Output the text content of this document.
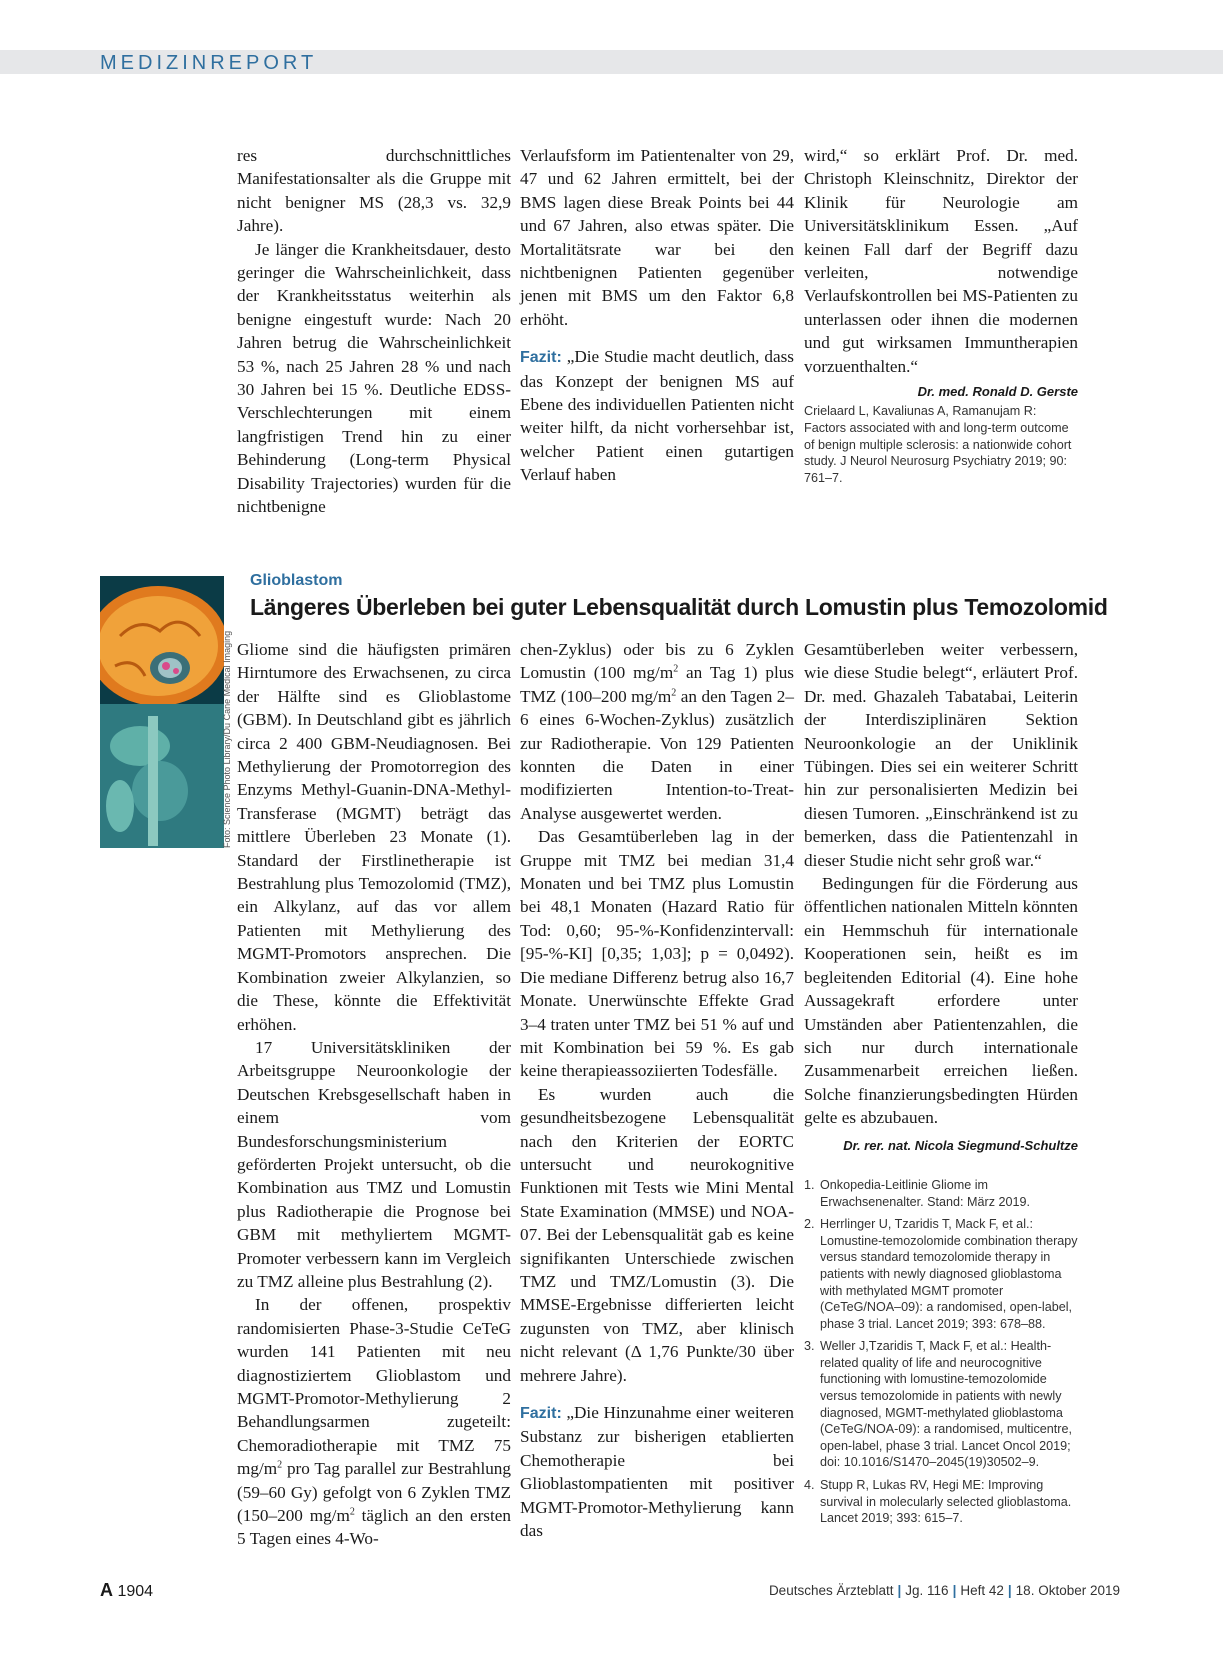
MEDIZINREPORT

res durchschnittliches Manifestationsalter als die Gruppe mit nicht benigner MS (28,3 vs. 32,9 Jahre).

Je länger die Krankheitsdauer, desto geringer die Wahrscheinlichkeit, dass der Krankheitsstatus weiterhin als benigne eingestuft wurde: Nach 20 Jahren betrug die Wahrscheinlichkeit 53 %, nach 25 Jahren 28 % und nach 30 Jahren bei 15 %. Deutliche EDSS-Verschlechterungen mit einem langfristigen Trend hin zu einer Behinderung (Long-term Physical Disability Trajectories) wurden für die nichtbenigne

Verlaufsform im Patientenalter von 29, 47 und 62 Jahren ermittelt, bei der BMS lagen diese Break Points bei 44 und 67 Jahren, also etwas später. Die Mortalitätsrate war bei den nichtbenignen Patienten gegenüber jenen mit BMS um den Faktor 6,8 erhöht.

Fazit: „Die Studie macht deutlich, dass das Konzept der benignen MS auf Ebene des individuellen Patienten nicht weiter hilft, da nicht vorhersehbar ist, welcher Patient einen gutartigen Verlauf haben

wird,“ so erklärt Prof. Dr. med. Christoph Kleinschnitz, Direktor der Klinik für Neurologie am Universitätsklinikum Essen. „Auf keinen Fall darf der Begriff dazu verleiten, notwendige Verlaufskontrollen bei MS-Patienten zu unterlassen oder ihnen die modernen und gut wirksamen Immuntherapien vorzuenthalten.“
Dr. med. Ronald D. Gerste

Crielaard L, Kavaliunas A, Ramanujam R: Factors associated with and long-term outcome of benign multiple sclerosis: a nationwide cohort study. J Neurol Neurosurg Psychiatry 2019; 90: 761–7.
Foto: Science Photo Library/Du Cane Medical Imaging
Glioblastom
Längeres Überleben bei guter Lebensqualität durch Lomustin plus Temozolomid

Gliome sind die häufigsten primären Hirntumore des Erwachsenen, zu circa der Hälfte sind es Glioblastome (GBM). In Deutschland gibt es jährlich circa 2 400 GBM-Neudiagnosen. Bei Methylierung der Promotorregion des Enzyms Methyl-Guanin-DNA-Methyl-Transferase (MGMT) beträgt das mittlere Überleben 23 Monate (1). Standard der Firstlinetherapie ist Bestrahlung plus Temozolomid (TMZ), ein Alkylanz, auf das vor allem Patienten mit Methylierung des MGMT-Promotors ansprechen. Die Kombination zweier Alkylanzien, so die These, könnte die Effektivität erhöhen.

17 Universitätskliniken der Arbeitsgruppe Neuroonkologie der Deutschen Krebsgesellschaft haben in einem vom Bundesforschungsministerium geförderten Projekt untersucht, ob die Kombination aus TMZ und Lomustin plus Radiotherapie die Prognose bei GBM mit methyliertem MGMT-Promoter verbessern kann im Vergleich zu TMZ alleine plus Bestrahlung (2).

In der offenen, prospektiv randomisierten Phase-3-Studie CeTeG wurden 141 Patienten mit neu diagnostiziertem Glioblastom und MGMT-Promotor-Methylierung 2 Behandlungsarmen zugeteilt: Chemoradiotherapie mit TMZ 75 $mg/m^2$ pro Tag parallel zur Bestrahlung (59–60 Gy) gefolgt von 6 Zyklen TMZ (150–200 $mg/m^2$ täglich an den ersten 5 Tagen eines 4-Wo-

chen-Zyklus) oder bis zu 6 Zyklen Lomustin (100 $mg/m^2$ an Tag 1) plus TMZ (100–200 $mg/m^2$ an den Tagen 2–6 eines 6-Wochen-Zyklus) zusätzlich zur Radiotherapie. Von 129 Patienten konnten die Daten in einer modifizierten Intention-to-Treat-Analyse ausgewertet werden.

Das Gesamtüberleben lag in der Gruppe mit TMZ bei median 31,4 Monaten und bei TMZ plus Lomustin bei 48,1 Monaten (Hazard Ratio für Tod: 0,60; 95-%-Konfidenzintervall: [95-%-KI] [0,35; 1,03]; p = 0,0492). Die mediane Differenz betrug also 16,7 Monate. Unerwünschte Effekte Grad 3–4 traten unter TMZ bei 51 % auf und mit Kombination bei 59 %. Es gab keine therapieassoziierten Todesfälle.

Es wurden auch die gesundheitsbezogene Lebensqualität nach den Kriterien der EORTC untersucht und neurokognitive Funktionen mit Tests wie Mini Mental State Examination (MMSE) und NOA-07. Bei der Lebensqualität gab es keine signifikanten Unterschiede zwischen TMZ und TMZ/Lomustin (3). Die MMSE-Ergebnisse differierten leicht zugunsten von TMZ, aber klinisch nicht relevant (Δ 1,76 Punkte/30 über mehrere Jahre).

Fazit: „Die Hinzunahme einer weiteren Substanz zur bisherigen etablierten Chemotherapie bei Glioblastompatienten mit positiver MGMT-Promotor-Methylierung kann das

Gesamtüberleben weiter verbessern, wie diese Studie belegt“, erläutert Prof. Dr. med. Ghazaleh Tabatabai, Leiterin der Interdisziplinären Sektion Neuroonkologie an der Uniklinik Tübingen. Dies sei ein weiterer Schritt hin zur personalisierten Medizin bei diesen Tumoren. „Einschränkend ist zu bemerken, dass die Patientenzahl in dieser Studie nicht sehr groß war.“

Bedingungen für die Förderung aus öffentlichen nationalen Mitteln könnten ein Hemmschuh für internationale Kooperationen sein, heißt es im begleitenden Editorial (4). Eine hohe Aussagekraft erfordere unter Umständen aber Patientenzahlen, die sich nur durch internationale Zusammenarbeit erreichen ließen. Solche finanzierungsbedingten Hürden gelte es abzubauen.

Dr. rer. nat. Nicola Siegmund-Schultze
1. Onkopedia-Leitlinie Gliome im Erwachsenenalter. Stand: März 2019.
2. Herrlinger U, Tzaridis T, Mack F, et al.: Lomustine-temozolomide combination therapy versus standard temozolomide therapy in patients with newly diagnosed glioblastoma with methylated MGMT promoter (CeTeG/NOA–09): a randomised, open-label, phase 3 trial. Lancet 2019; 393: 678–88.
3. Weller J,Tzaridis T, Mack F, et al.: Health-related quality of life and neurocognitive functioning with lomustine-temozolomide versus temozolomide in patients with newly diagnosed, MGMT-methylated glioblastoma (CeTeG/NOA-09): a randomised, multicentre, open-label, phase 3 trial. Lancet Oncol 2019; doi: 10.1016/S1470–2045(19)30502–9.
4. Stupp R, Lukas RV, Hegi ME: Improving survival in molecularly selected glioblastoma. Lancet 2019; 393: 615–7.
A 1904	Deutsches Ärzteblatt | Jg. 116 | Heft 42 | 18. Oktober 2019
